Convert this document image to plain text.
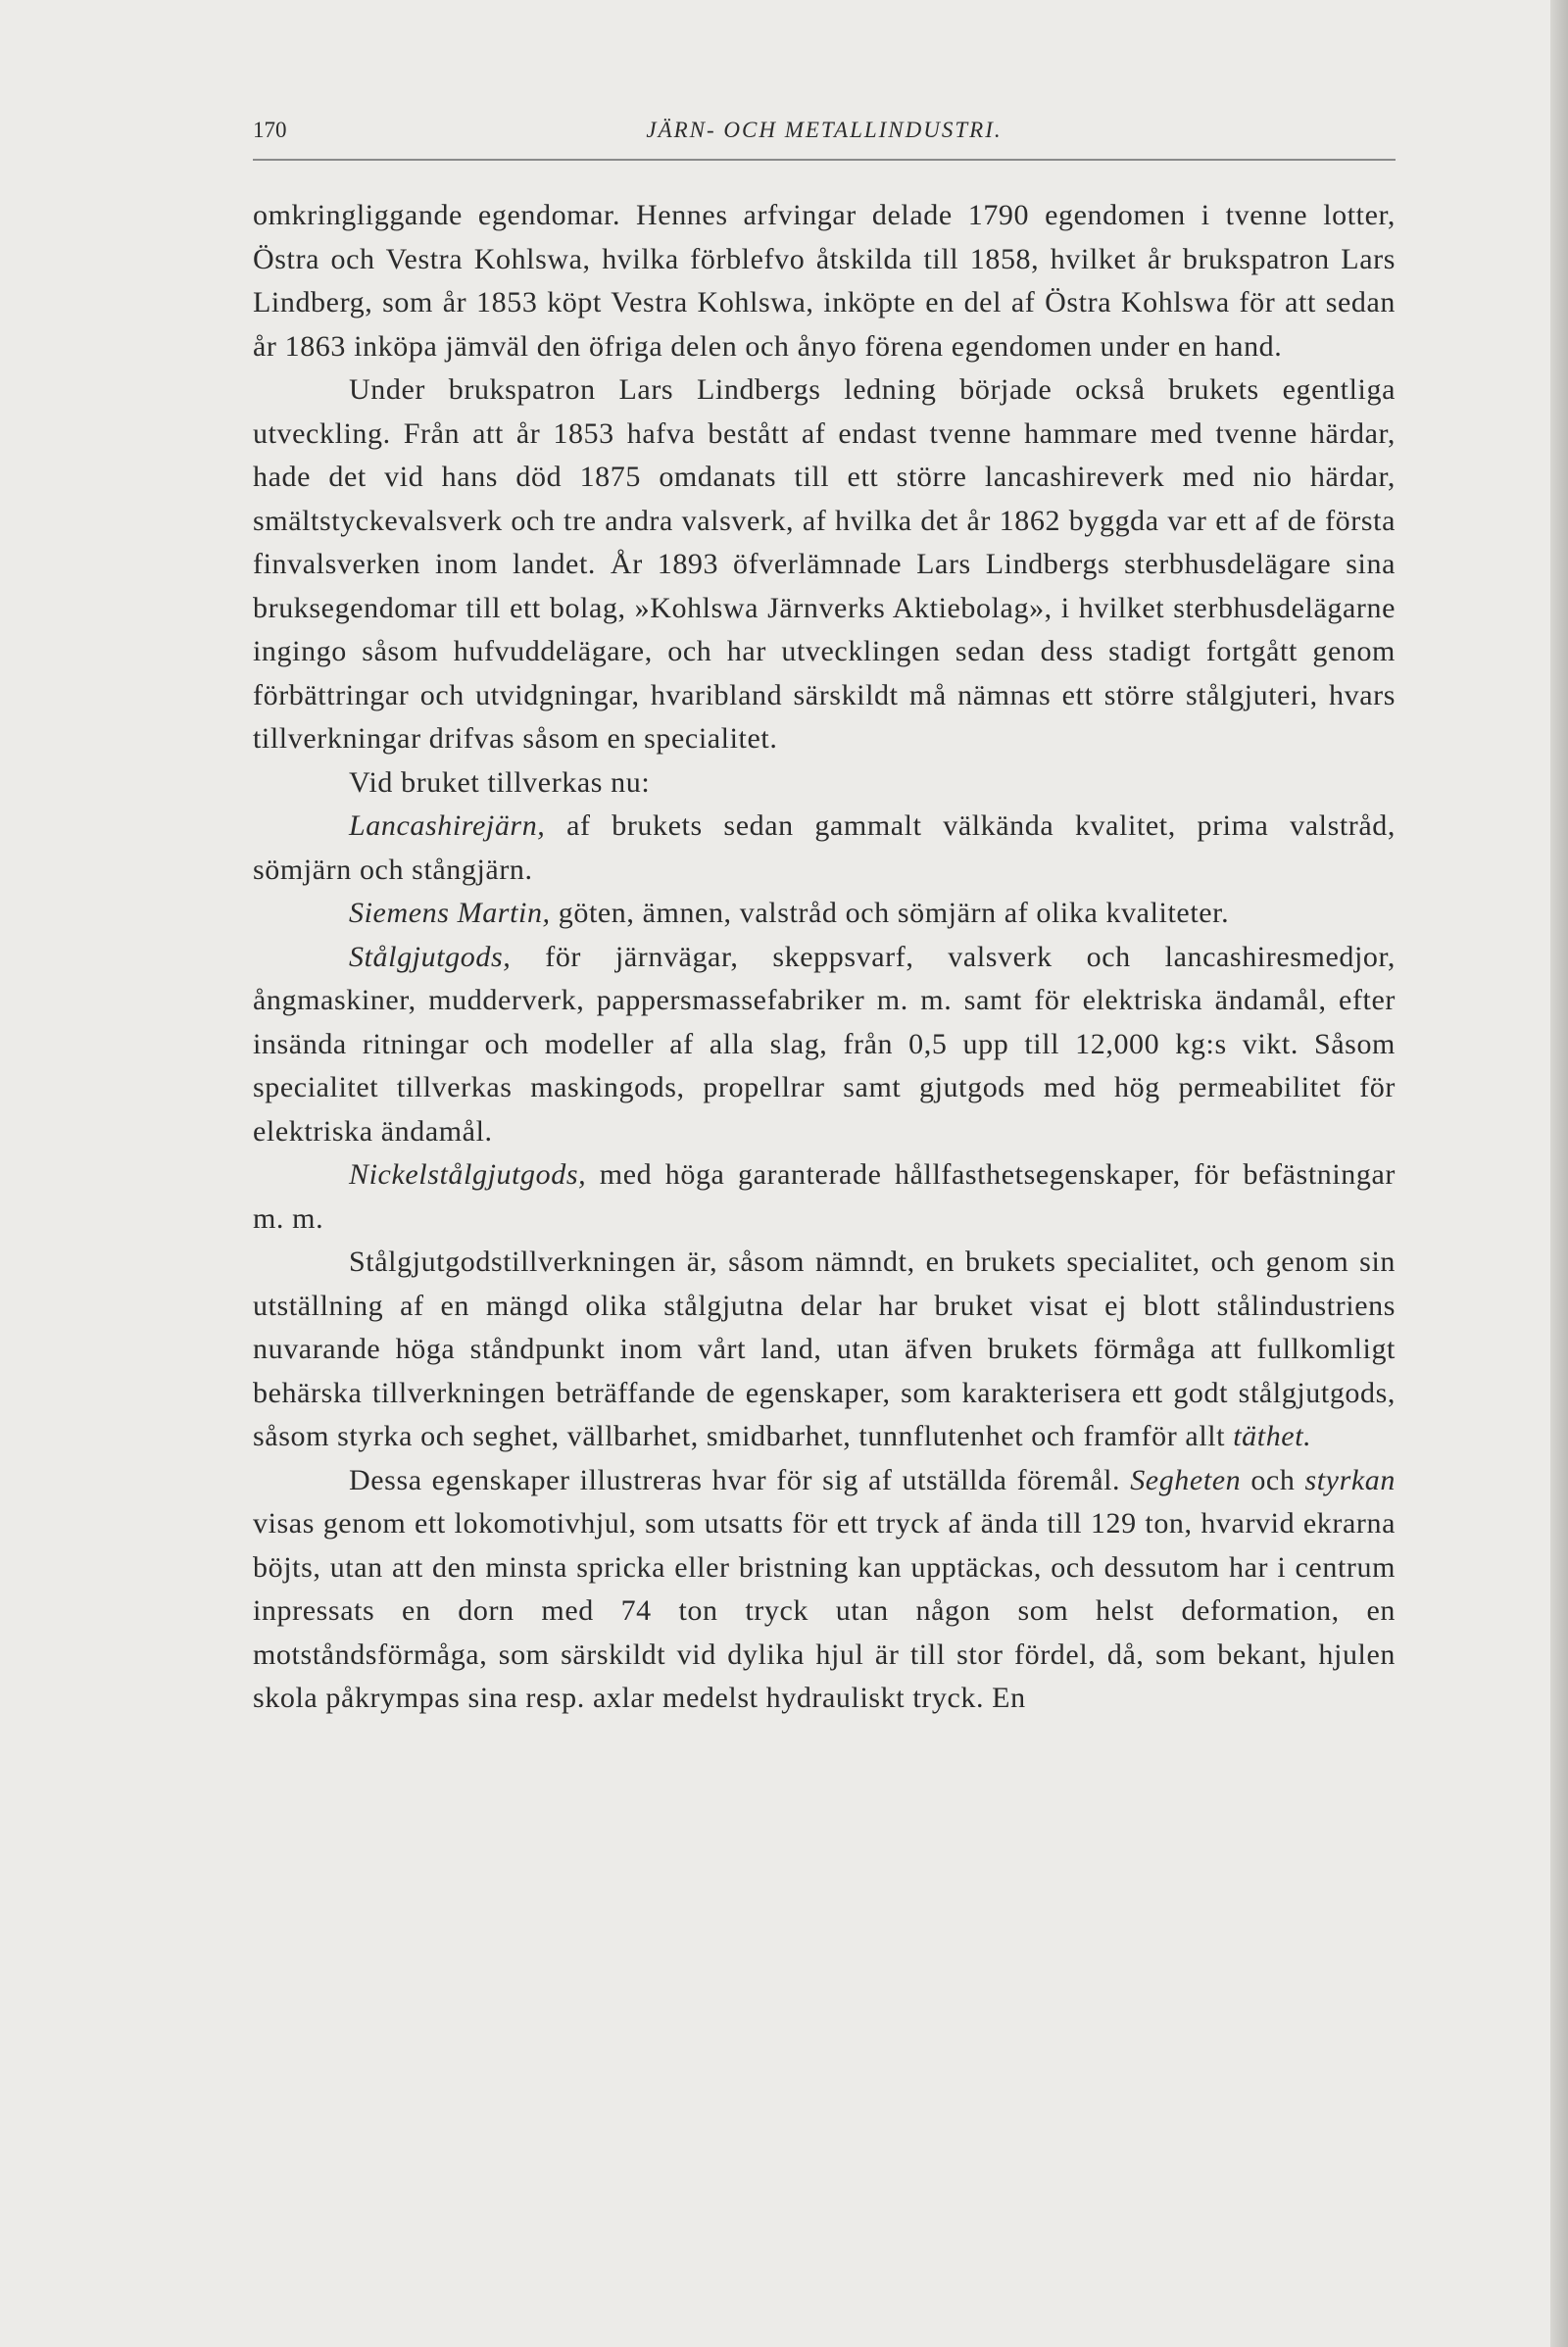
170	JÄRN- OCH METALLINDUSTRI.

omkringliggande egendomar. Hennes arfvingar delade 1790 egendomen i tvenne lotter, Östra och Vestra Kohlswa, hvilka förblefvo åtskilda till 1858, hvilket år brukspatron Lars Lindberg, som år 1853 köpt Vestra Kohlswa, inköpte en del af Östra Kohlswa för att sedan år 1863 inköpa jämväl den öfriga delen och ånyo förena egendomen under en hand.

Under brukspatron Lars Lindbergs ledning började också brukets egentliga utveckling. Från att år 1853 hafva bestått af endast tvenne hammare med tvenne härdar, hade det vid hans död 1875 omdanats till ett större lancashireverk med nio härdar, smältstyckevalsverk och tre andra valsverk, af hvilka det år 1862 byggda var ett af de första finvalsverken inom landet. År 1893 öfverlämnade Lars Lindbergs sterbhusdelägare sina bruksegendomar till ett bolag, »Kohlswa Järnverks Aktiebolag», i hvilket sterbhusdelägarne ingingo såsom hufvuddelägare, och har utvecklingen sedan dess stadigt fortgått genom förbättringar och utvidgningar, hvaribland särskildt må nämnas ett större stålgjuteri, hvars tillverkningar drifvas såsom en specialitet.

Vid bruket tillverkas nu:

Lancashirejärn, af brukets sedan gammalt välkända kvalitet, prima valstråd, sömjärn och stångjärn.

Siemens Martin, göten, ämnen, valstråd och sömjärn af olika kvaliteter.

Stålgjutgods, för järnvägar, skeppsvarf, valsverk och lancashiresmedjor, ångmaskiner, mudderverk, pappersmassefabriker m. m. samt för elektriska ändamål, efter insända ritningar och modeller af alla slag, från 0,5 upp till 12,000 kg:s vikt. Såsom specialitet tillverkas maskingods, propellrar samt gjutgods med hög permeabilitet för elektriska ändamål.

Nickelstålgjutgods, med höga garanterade hållfasthetsegenskaper, för befästningar m. m.

Stålgjutgodstillverkningen är, såsom nämndt, en brukets specialitet, och genom sin utställning af en mängd olika stålgjutna delar har bruket visat ej blott stålindustriens nuvarande höga ståndpunkt inom vårt land, utan äfven brukets förmåga att fullkomligt behärska tillverkningen beträffande de egenskaper, som karakterisera ett godt stålgjutgods, såsom styrka och seghet, vällbarhet, smidbarhet, tunnflutenhet och framför allt täthet.

Dessa egenskaper illustreras hvar för sig af utställda föremål. Segheten och styrkan visas genom ett lokomotivhjul, som utsatts för ett tryck af ända till 129 ton, hvarvid ekrarna böjts, utan att den minsta spricka eller bristning kan upptäckas, och dessutom har i centrum inpressats en dorn med 74 ton tryck utan någon som helst deformation, en motståndsförmåga, som särskildt vid dylika hjul är till stor fördel, då, som bekant, hjulen skola påkrympas sina resp. axlar medelst hydrauliskt tryck. En
